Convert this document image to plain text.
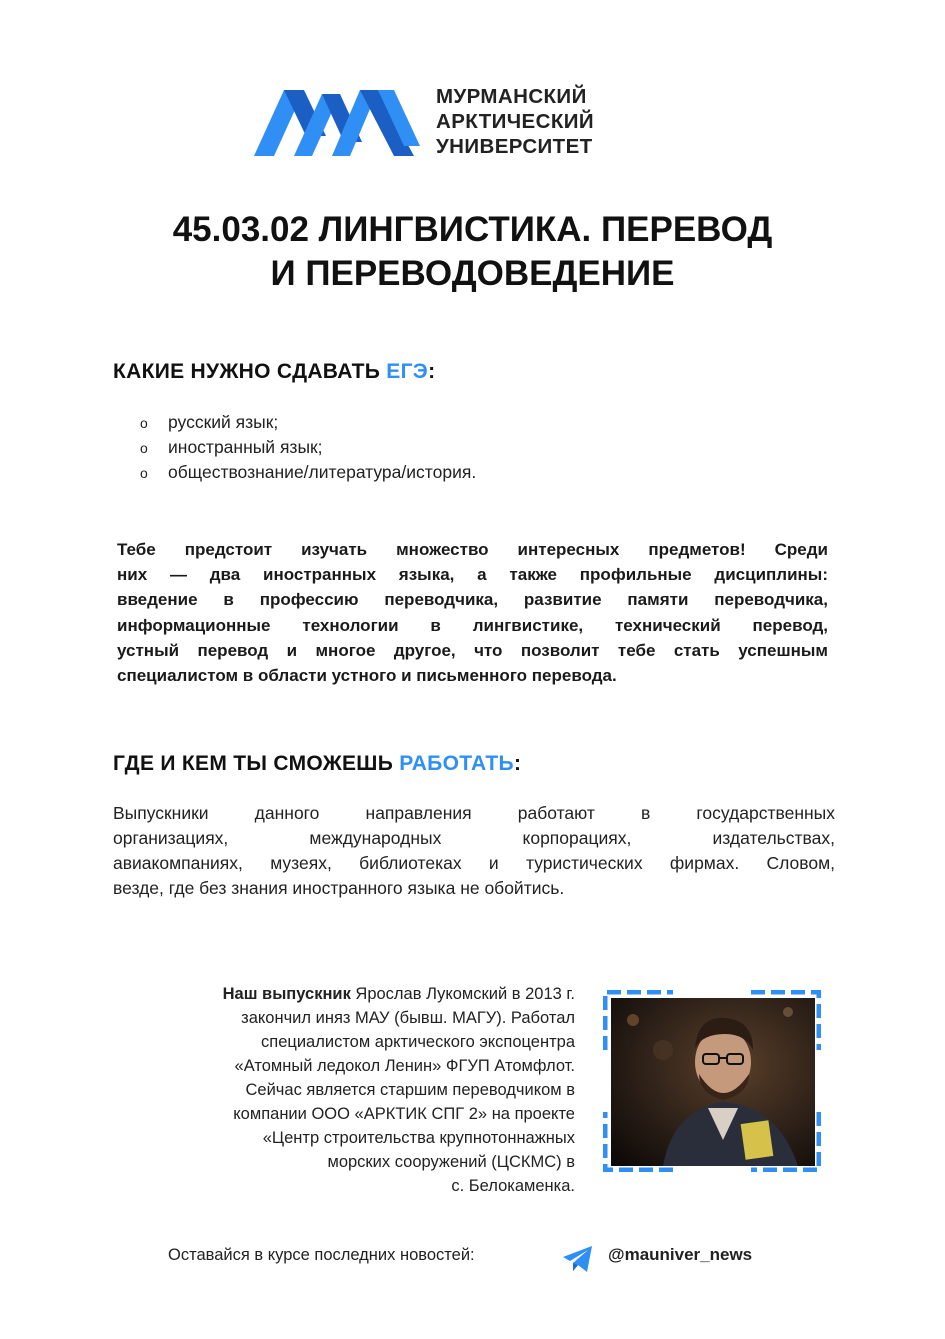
МУРМАНСКИЙ
АРКТИЧЕСКИЙ
УНИВЕРСИТЕТ
45.03.02 ЛИНГВИСТИКА. ПЕРЕВОД
И ПЕРЕВОДОВЕДЕНИЕ
КАКИЕ НУЖНО СДАВАТЬ ЕГЭ:
o русский язык;
o иностранный язык;
o обществознание/литература/история.
Тебе предстоит изучать множество интересных предметов! Среди
них — два иностранных языка, а также профильные дисциплины:
введение в профессию переводчика, развитие памяти переводчика,
информационные технологии в лингвистике, технический перевод,
устный перевод и многое другое, что позволит тебе стать успешным
специалистом в области устного и письменного перевода.
ГДЕ И КЕМ ТЫ СМОЖЕШЬ РАБОТАТЬ:
Выпускники данного направления работают в государственных
организациях, международных корпорациях, издательствах,
авиакомпаниях, музеях, библиотеках и туристических фирмах. Словом,
везде, где без знания иностранного языка не обойтись.
Наш выпускник Ярослав Лукомский в 2013 г.
закончил иняз МАУ (бывш. МАГУ). Работал
специалистом арктического экспоцентра
«Атомный ледокол Ленин» ФГУП Атомфлот.
Сейчас является старшим переводчиком в
компании ООО «АРКТИК СПГ 2» на проекте
«Центр строительства крупнотоннажных
морских сооружений (ЦСКМС) в
с. Белокаменка.
Оставайся в курсе последних новостей:	@mauniver_news
